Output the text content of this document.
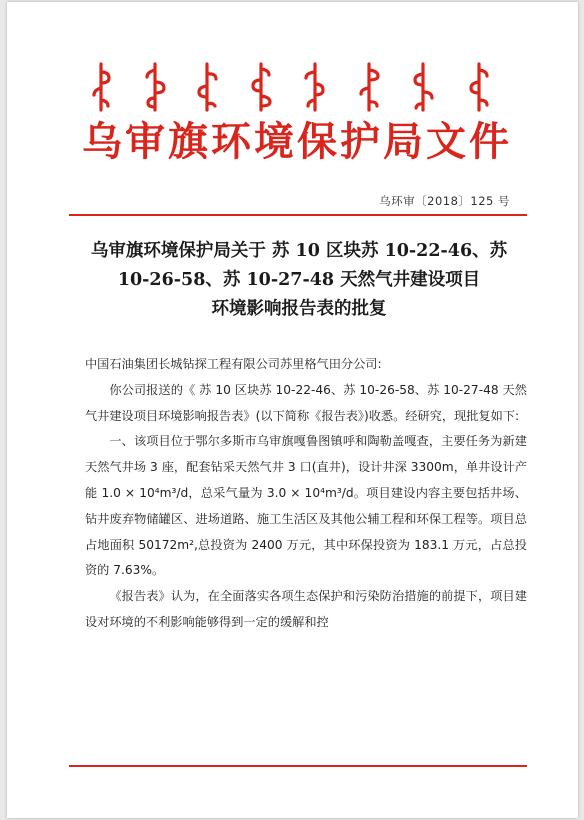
乌审旗环境保护局文件
乌环审〔2018〕125 号
乌审旗环境保护局关于 苏 10 区块苏 10-22-46、苏
10-26-58、苏 10-27-48 天然气井建设项目
环境影响报告表的批复

中国石油集团长城钻探工程有限公司苏里格气田分公司:

你公司报送的《 苏 10 区块苏 10-22-46、苏 10-26-58、苏 10-27-48 天然气井建设项目环境影响报告表》(以下简称《报告表》)收悉。经研究，现批复如下:

一、该项目位于鄂尔多斯市乌审旗嘎鲁图镇呼和陶勒盖嘎查，主要任务为新建天然气井场 3 座，配套钻采天然气井 3 口(直井)，设计井深 3300m，单井设计产能 1.0 × 10⁴m³/d，总采气量为 3.0 × 10⁴m³/d。项目建设内容主要包括井场、钻井废弃物储罐区、进场道路、施工生活区及其他公辅工程和环保工程等。项目总占地面积 50172m²,总投资为 2400 万元，其中环保投资为 183.1 万元，占总投资的 7.63%。

《报告表》认为，在全面落实各项生态保护和污染防治措施的前提下，项目建设对环境的不利影响能够得到一定的缓解和控
